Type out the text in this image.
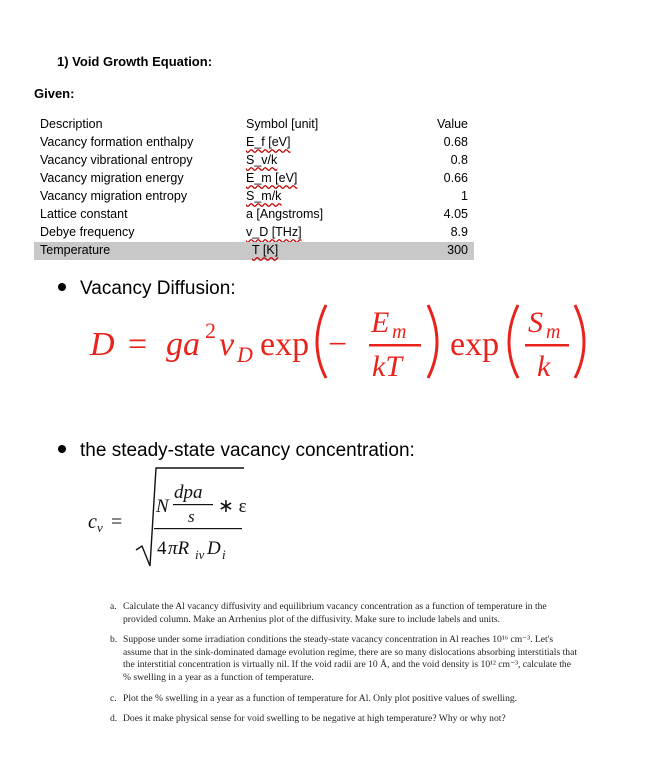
1) Void Growth Equation:
Given:
Description	Symbol [unit]	Value
Vacancy formation enthalpy	E_f [eV]	0.68
Vacancy vibrational entropy	S_v/k	0.8
Vacancy migration energy	E_m [eV]	0.66
Vacancy migration entropy	S_m/k	1
Lattice constant	a [Angstroms]	4.05
Debye frequency	v_D [THz]	8.9
Temperature	T [K]	300
Vacancy Diffusion:
D = ga 2 ν D exp −
E m
kT
exp
S m
k
the steady-state vacancy concentration:
c v =
N
dpa
s ∗ ε
4 πR iv D i
a. Calculate the Al vacancy diffusivity and equilibrium vacancy concentration as a function of temperature in the provided column. Make an Arrhenius plot of the diffusivity. Make sure to include labels and units.
b. Suppose under some irradiation conditions the steady-state vacancy concentration in Al reaches 10¹⁶ cm⁻³. Let's assume that in the sink-dominated damage evolution regime, there are so many dislocations absorbing interstitials that the interstitial concentration is virtually nil. If the void radii are 10 Å, and the void density is 10¹² cm⁻³, calculate the % swelling in a year as a function of temperature.
c. Plot the % swelling in a year as a function of temperature for Al. Only plot positive values of swelling.
d. Does it make physical sense for void swelling to be negative at high temperature? Why or why not?
